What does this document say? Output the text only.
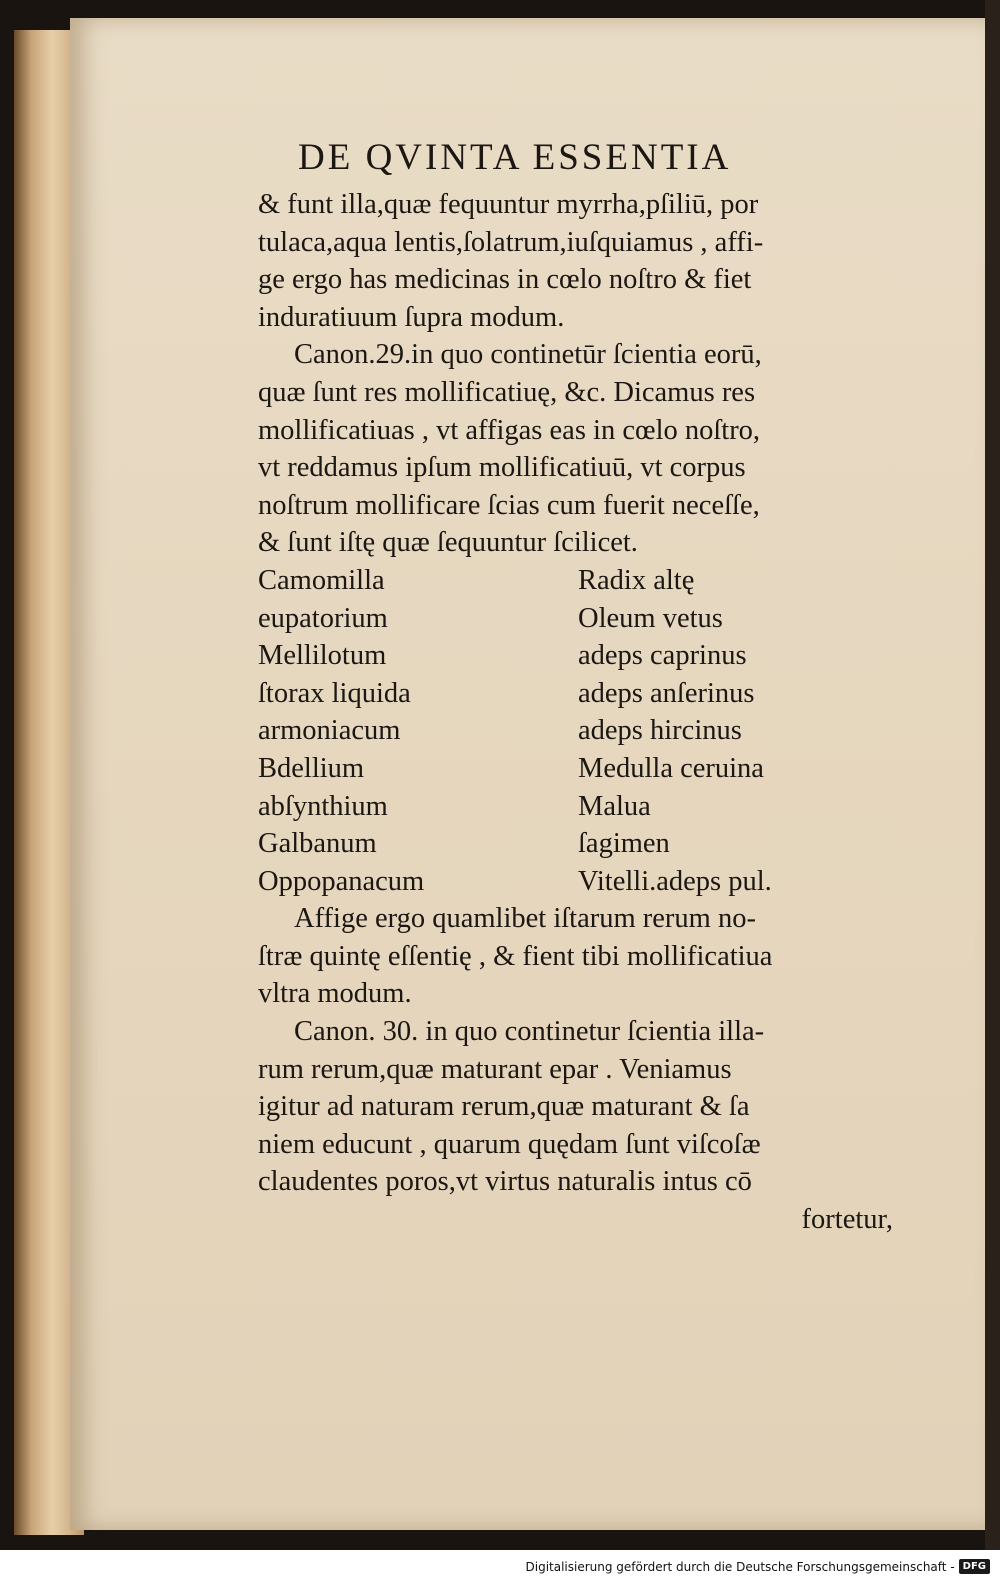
DE QVINTA ESSENTIA
& funt illa,quæ fequuntur myrrha,pſiliū, por
tulaca,aqua lentis,ſolatrum,iuſquiamus , affi-
ge ergo has medicinas in cœlo noſtro & fiet
induratiuum ſupra modum.
Canon.29.in quo continetūr ſcientia eorū,
quæ ſunt res mollificatiuę, &c. Dicamus res
mollificatiuas , vt affigas eas in cœlo noſtro,
vt reddamus ipſum mollificatiuū, vt corpus
noſtrum mollificare ſcias cum fuerit neceſſe,
& ſunt iſtę quæ ſequuntur ſcilicet.
Camomilla
eupatorium
Mellilotum
ſtorax liquida
armoniacum
Bdellium
abſynthium
Galbanum
Oppopanacum
Radix altę
Oleum vetus
adeps caprinus
adeps anſerinus
adeps hircinus
Medulla ceruina
Malua
ſagimen
Vitelli.adeps pul.
Affige ergo quamlibet iſtarum rerum no-
ſtræ quintę eſſentię , & fient tibi mollificatiua
vltra modum.
Canon. 30. in quo continetur ſcientia illa-
rum rerum,quæ maturant epar . Veniamus
igitur ad naturam rerum,quæ maturant & ſa
niem educunt , quarum quędam ſunt viſcoſæ
claudentes poros,vt virtus naturalis intus cō
fortetur,
Digitalisierung gefördert durch die Deutsche Forschungsgemeinschaft - DFG
